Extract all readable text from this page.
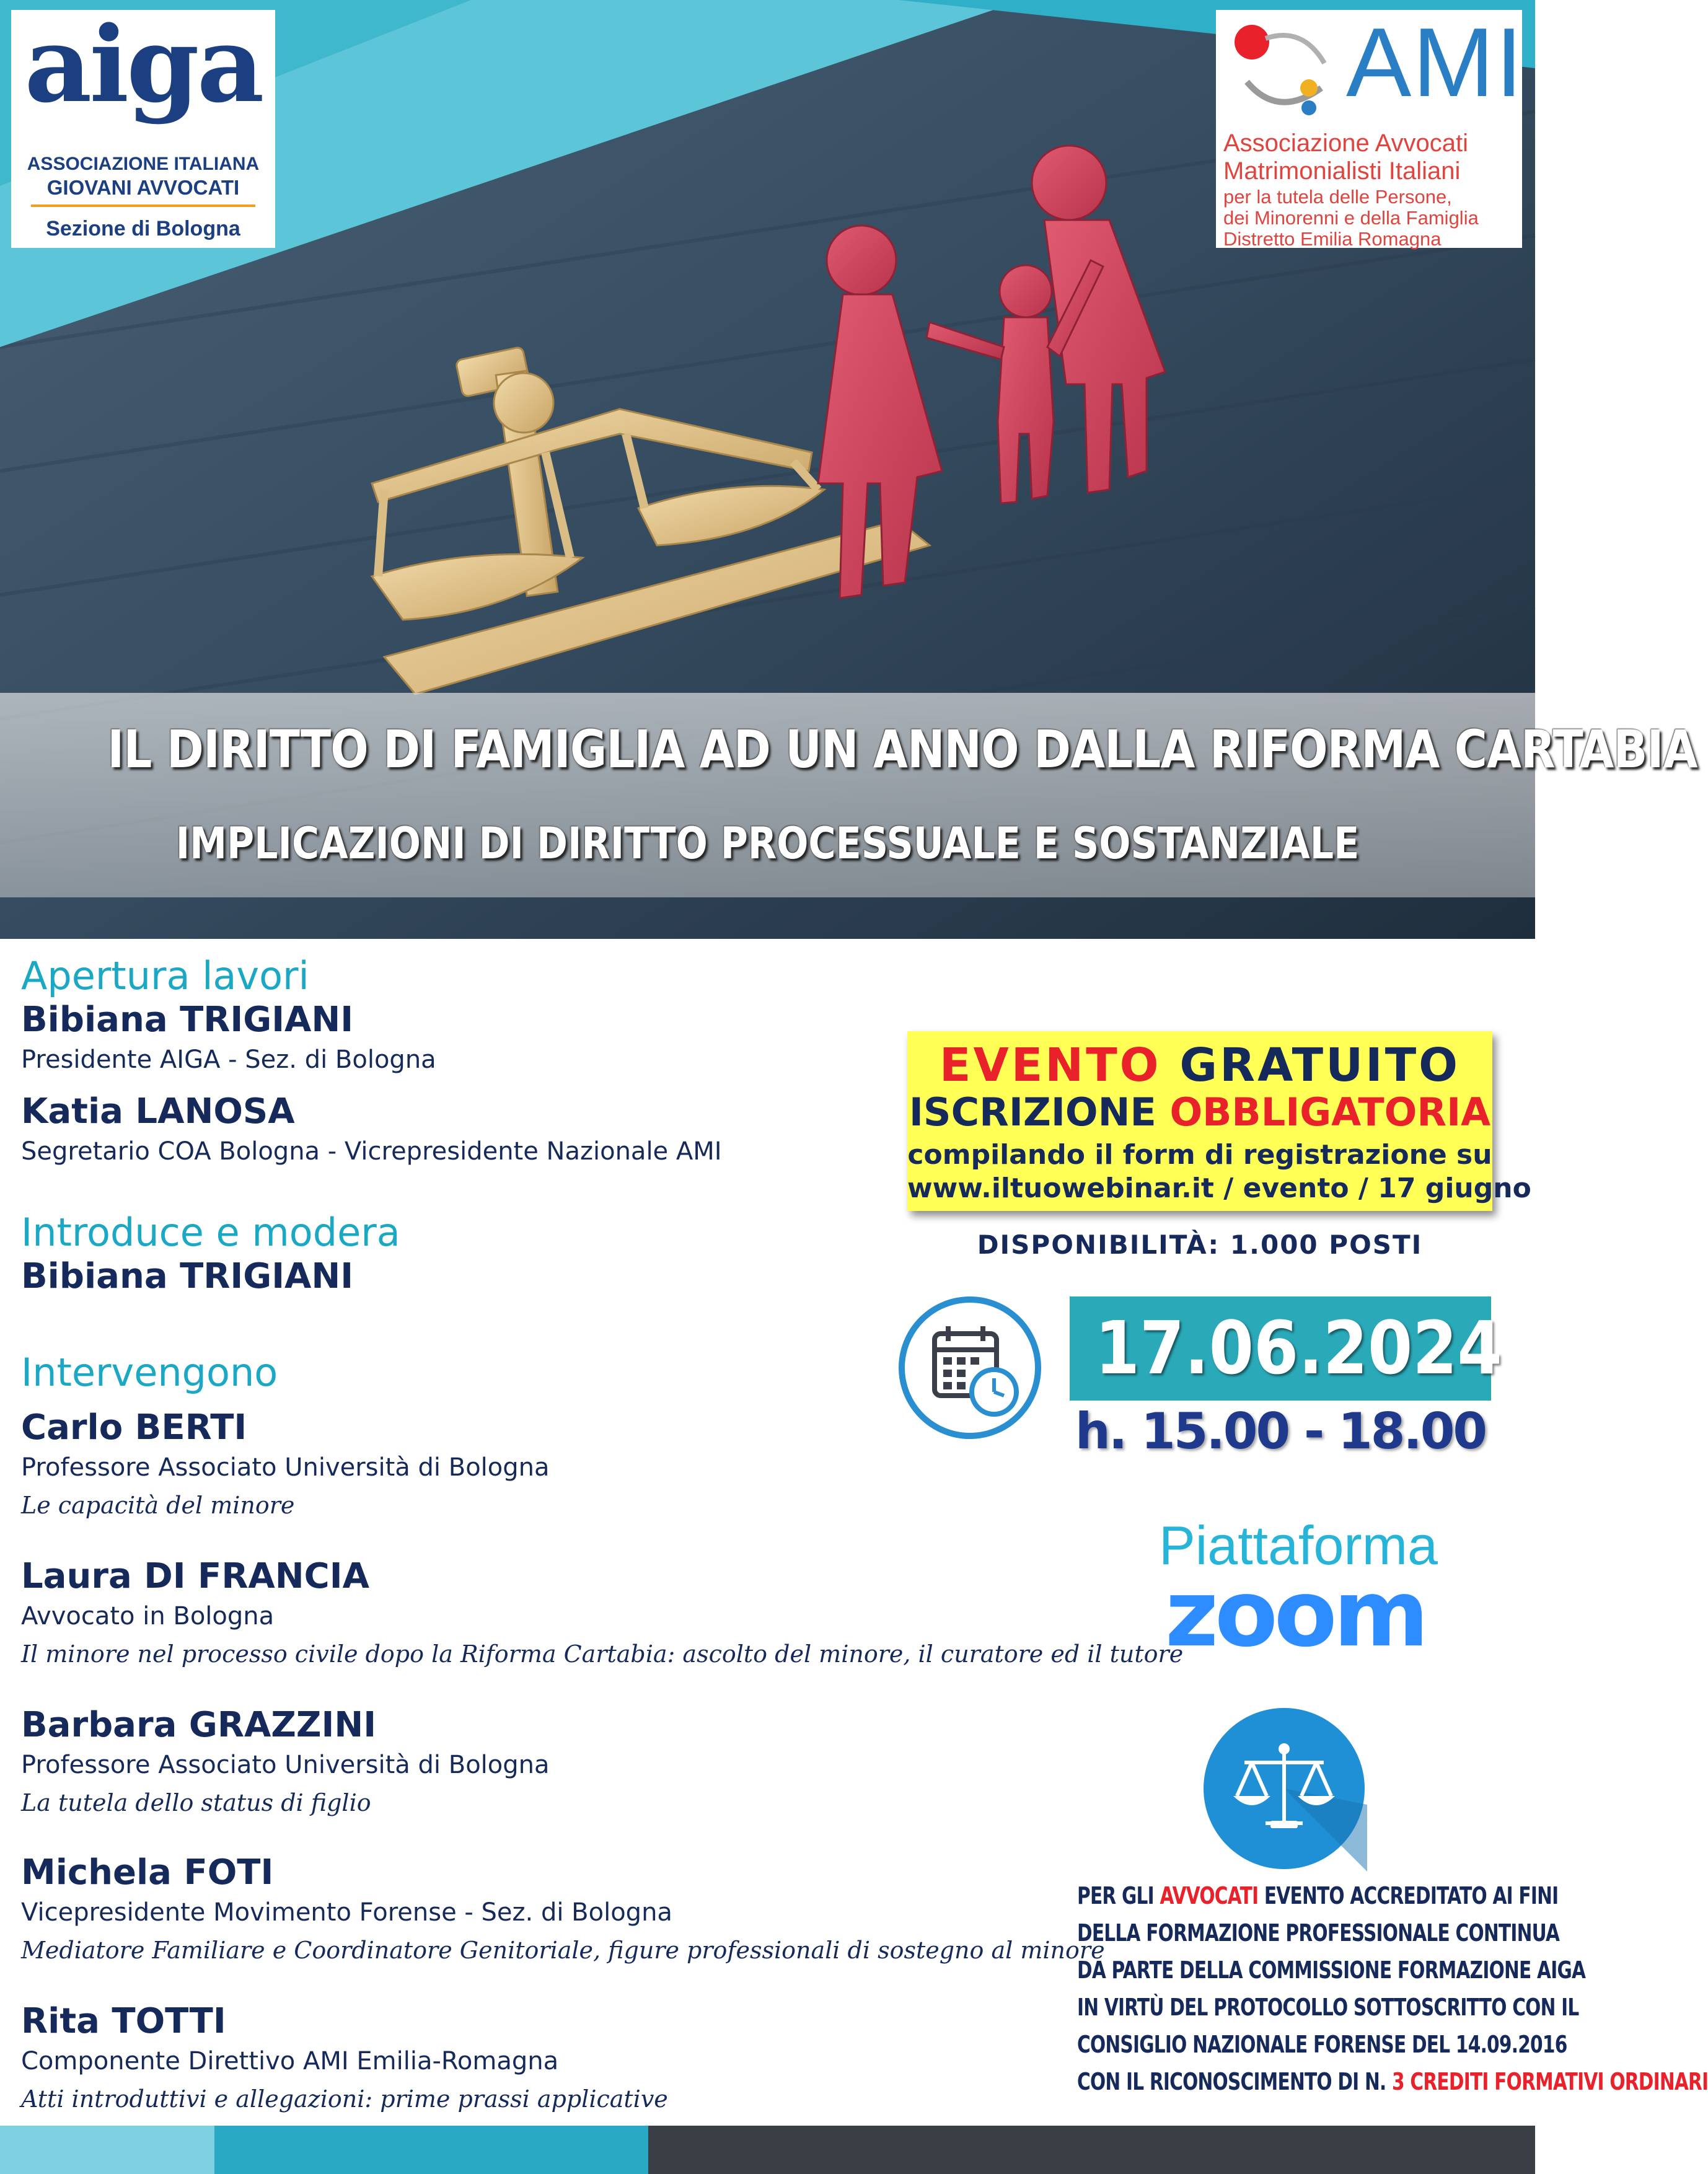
aiga
ASSOCIAZIONE ITALIANA
GIOVANI AVVOCATI
Sezione di Bologna
AMI
Associazione Avvocati
Matrimonialisti Italiani
per la tutela delle Persone,
dei Minorenni e della Famiglia
Distretto Emilia Romagna
IL DIRITTO DI FAMIGLIA AD UN ANNO DALLA RIFORMA CARTABIA
IMPLICAZIONI DI DIRITTO PROCESSUALE E SOSTANZIALE
Apertura lavori
Bibiana TRIGIANI
Presidente AIGA - Sez. di Bologna
Katia LANOSA
Segretario COA Bologna - Vicrepresidente Nazionale AMI
Introduce e modera
Bibiana TRIGIANI
Intervengono
Carlo BERTI
Professore Associato Università di Bologna
Le capacità del minore
Laura DI FRANCIA
Avvocato in Bologna
Il minore nel processo civile dopo la Riforma Cartabia: ascolto del minore, il curatore ed il tutore
Barbara GRAZZINI
Professore Associato Università di Bologna
La tutela dello status di figlio
Michela FOTI
Vicepresidente Movimento Forense - Sez. di Bologna
Mediatore Familiare e Coordinatore Genitoriale, figure professionali di sostegno al minore
Rita TOTTI
Componente Direttivo AMI Emilia-Romagna
Atti introduttivi e allegazioni: prime prassi applicative
EVENTO GRATUITO
ISCRIZIONE OBBLIGATORIA
compilando il form di registrazione su
www.iltuowebinar.it / evento / 17 giugno
DISPONIBILITÀ: 1.000 POSTI
17.06.2024
h. 15.00 - 18.00
Piattaforma
zoom
PER GLI AVVOCATI EVENTO ACCREDITATO AI FINI
DELLA FORMAZIONE PROFESSIONALE CONTINUA
DA PARTE DELLA COMMISSIONE FORMAZIONE AIGA
IN VIRTÙ DEL PROTOCOLLO SOTTOSCRITTO CON IL
CONSIGLIO NAZIONALE FORENSE DEL 14.09.2016
CON IL RICONOSCIMENTO DI N. 3 CREDITI FORMATIVI ORDINARI
